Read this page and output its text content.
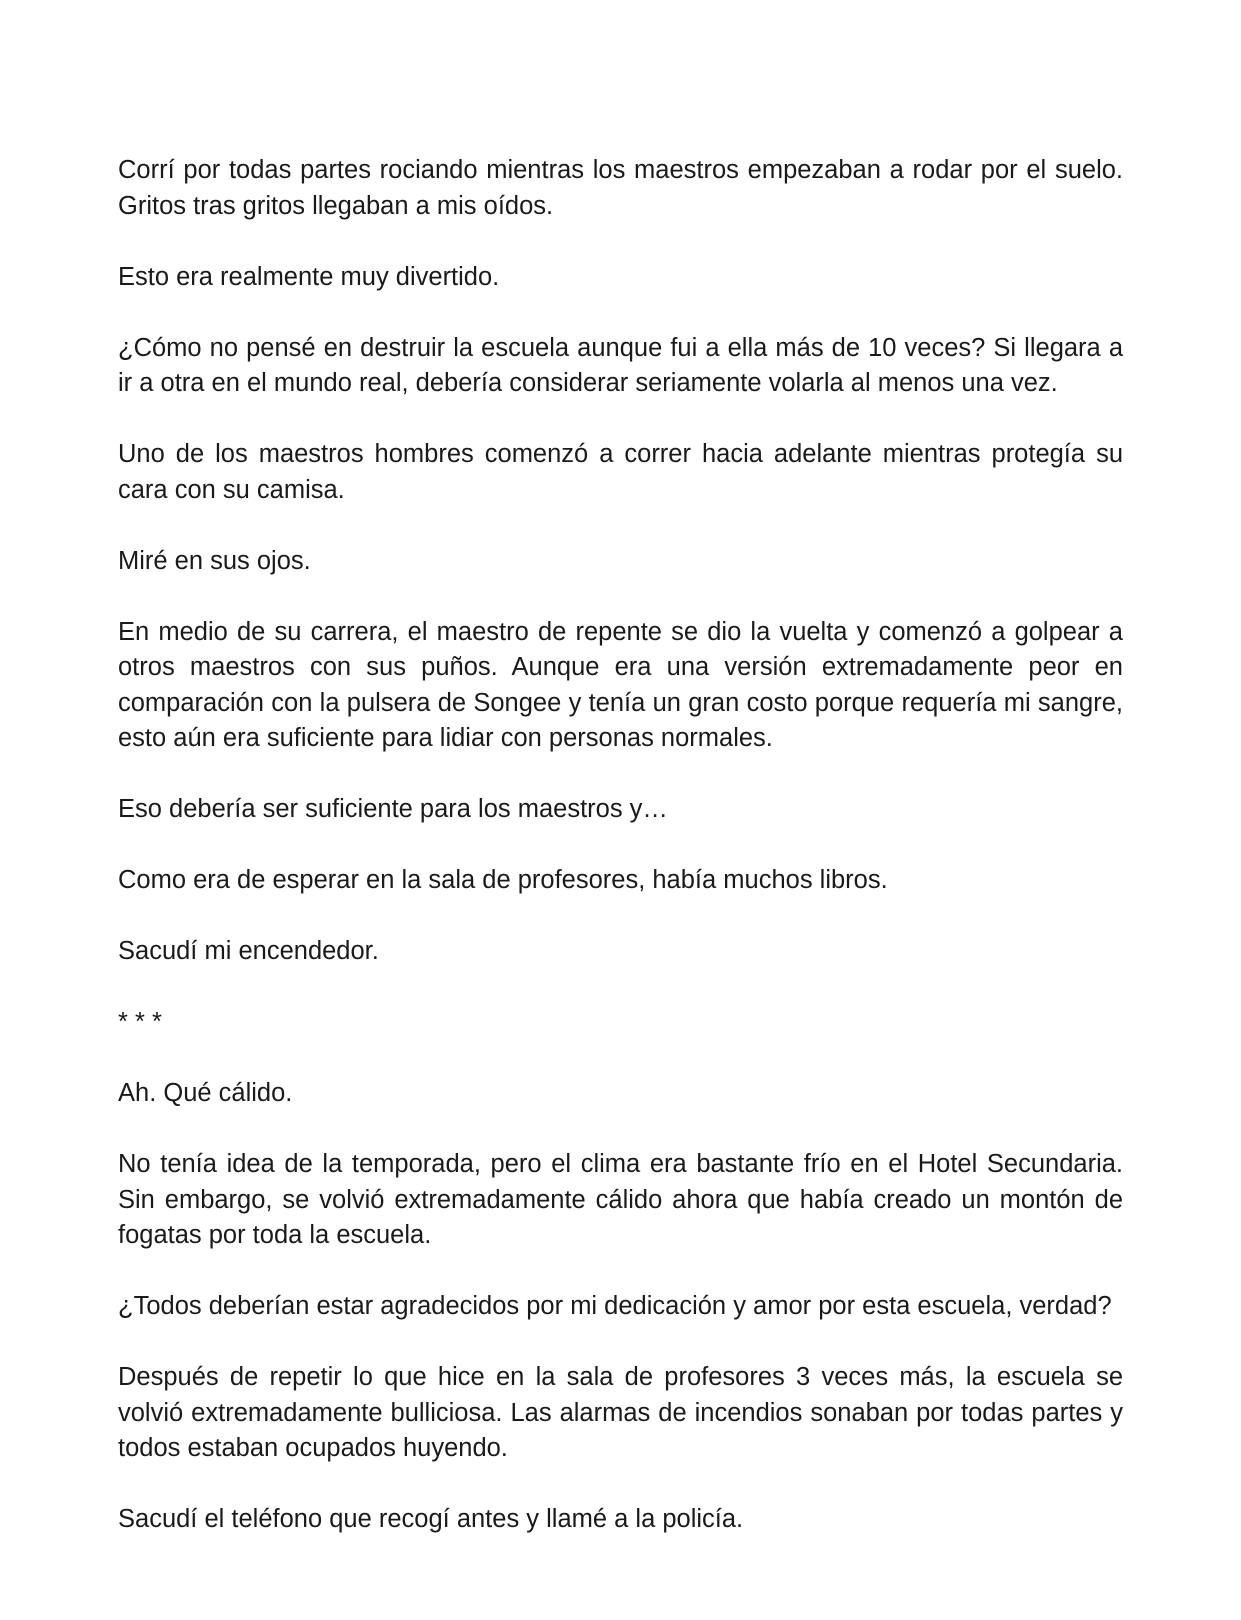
Corrí por todas partes rociando mientras los maestros empezaban a rodar por el suelo. Gritos tras gritos llegaban a mis oídos.

Esto era realmente muy divertido.

¿Cómo no pensé en destruir la escuela aunque fui a ella más de 10 veces? Si llegara a ir a otra en el mundo real, debería considerar seriamente volarla al menos una vez.

Uno de los maestros hombres comenzó a correr hacia adelante mientras protegía su cara con su camisa.

Miré en sus ojos.

En medio de su carrera, el maestro de repente se dio la vuelta y comenzó a golpear a otros maestros con sus puños. Aunque era una versión extremadamente peor en comparación con la pulsera de Songee y tenía un gran costo porque requería mi sangre, esto aún era suficiente para lidiar con personas normales.

Eso debería ser suficiente para los maestros y…

Como era de esperar en la sala de profesores, había muchos libros.

Sacudí mi encendedor.

* * *

Ah. Qué cálido.

No tenía idea de la temporada, pero el clima era bastante frío en el Hotel Secundaria. Sin embargo, se volvió extremadamente cálido ahora que había creado un montón de fogatas por toda la escuela.

¿Todos deberían estar agradecidos por mi dedicación y amor por esta escuela, verdad?

Después de repetir lo que hice en la sala de profesores 3 veces más, la escuela se volvió extremadamente bulliciosa. Las alarmas de incendios sonaban por todas partes y todos estaban ocupados huyendo.

Sacudí el teléfono que recogí antes y llamé a la policía.
